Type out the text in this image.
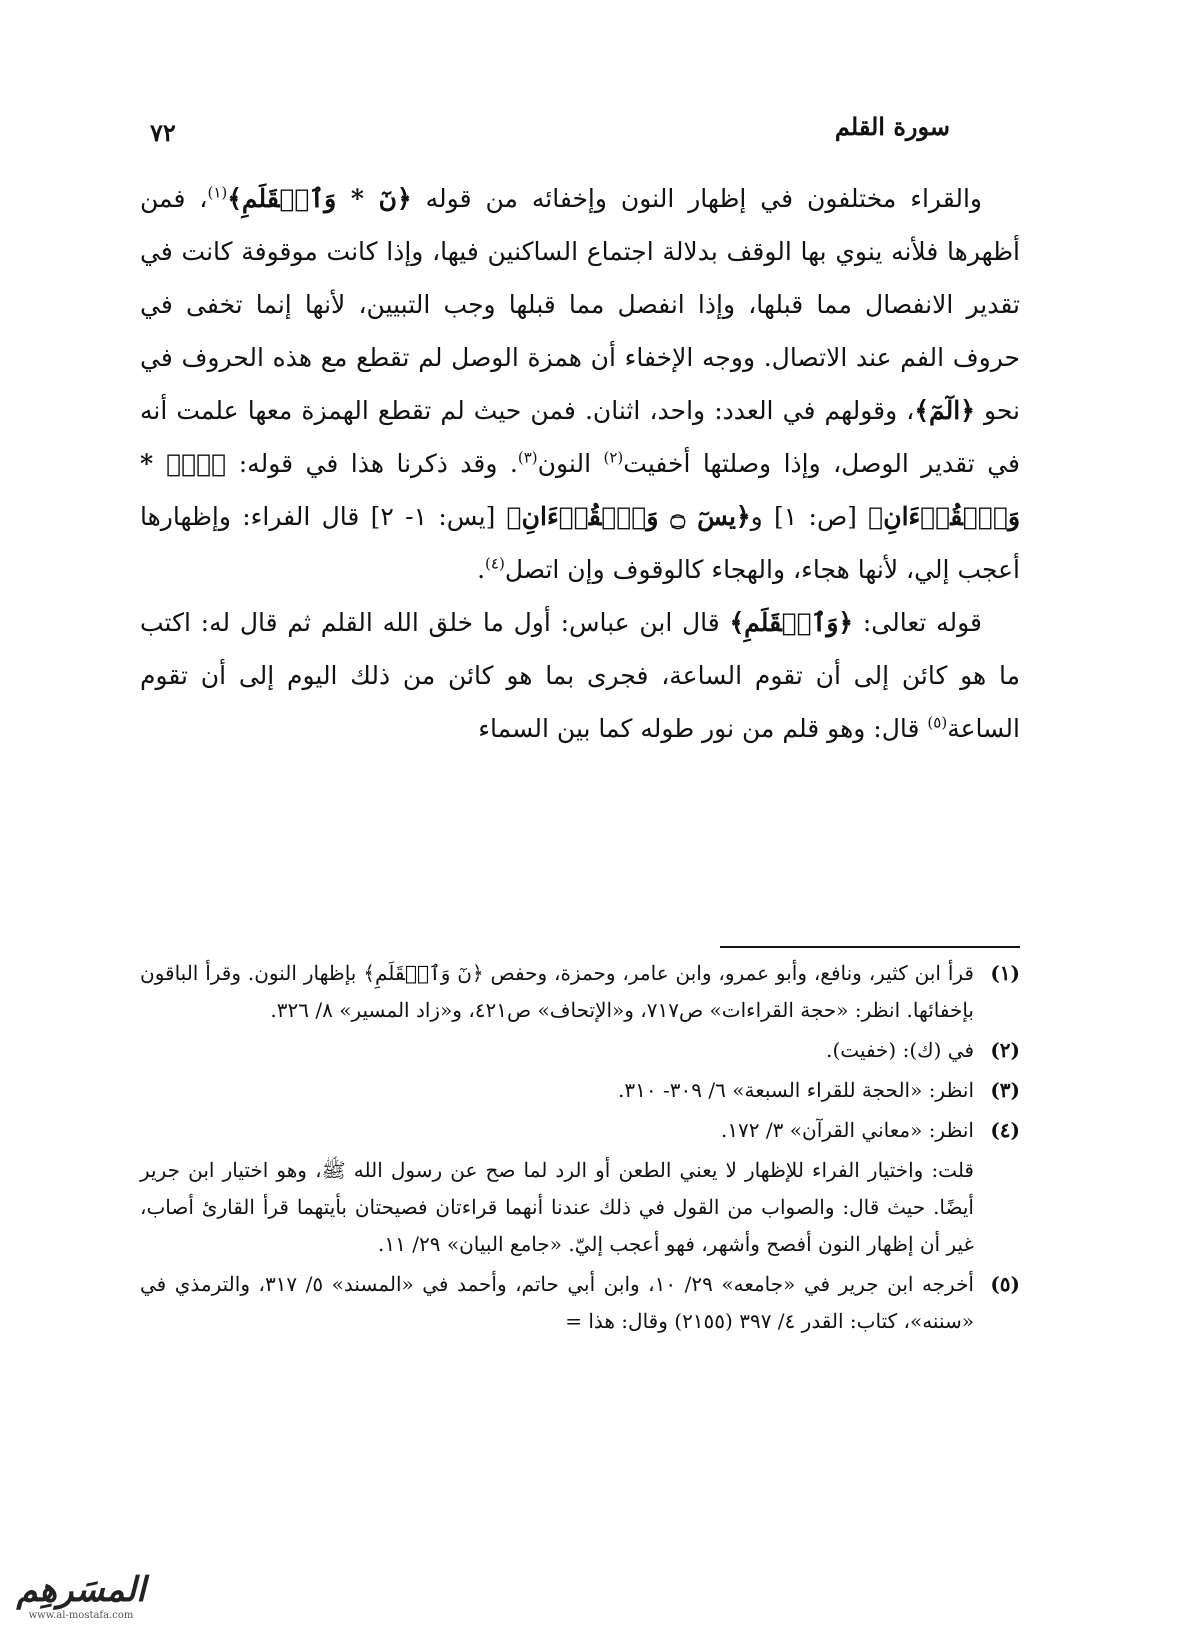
سورة القلم
٧٢

والقراء مختلفون في إظهار النون وإخفائه من قوله ﴿نٓ * وَٱلۡقَلَمِ﴾$^{(١)}$، فمن أظهرها فلأنه ينوي بها الوقف بدلالة اجتماع الساكنين فيها، وإذا كانت موقوفة كانت في تقدير الانفصال مما قبلها، وإذا انفصل مما قبلها وجب التبيين، لأنها إنما تخفى في حروف الفم عند الاتصال. ووجه الإخفاء أن همزة الوصل لم تقطع مع هذه الحروف في نحو ﴿الٓمٓ﴾، وقولهم في العدد: واحد، اثنان. فمن حيث لم تقطع الهمزة معها علمت أنه في تقدير الوصل، وإذا وصلتها أخفيت$^{(٢)}$ النون$^{(٣)}$. وقد ذكرنا هذا في قوله: ﴿صٓۚ * وَٱلۡقُرۡءَانِ﴾ [ص: ١] و﴿يسٓ ۝ وَٱلۡقُرۡءَانِ﴾ [يس: ١- ٢] قال الفراء: وإظهارها أعجب إلي، لأنها هجاء، والهجاء كالوقوف وإن اتصل$^{(٤)}$.

قوله تعالى: ﴿وَٱلۡقَلَمِ﴾ قال ابن عباس: أول ما خلق الله القلم ثم قال له: اكتب ما هو كائن إلى أن تقوم الساعة، فجرى بما هو كائن من ذلك اليوم إلى أن تقوم الساعة$^{(٥)}$ قال: وهو قلم من نور طوله كما بين السماء

(١)
قرأ ابن كثير، ونافع، وأبو عمرو، وابن عامر، وحمزة، وحفص ﴿نٓ وَٱلۡقَلَمِ﴾ بإظهار النون. وقرأ الباقون بإخفائها. انظر: «حجة القراءات» ص٧١٧، و«الإتحاف» ص٤٢١، و«زاد المسير» ٨/ ٣٢٦.
(٢)
في (ك): (خفيت).
(٣)
انظر: «الحجة للقراء السبعة» ٦/ ٣٠٩- ٣١٠.
(٤)
انظر: «معاني القرآن» ٣/ ١٧٢.
قلت: واختيار الفراء للإظهار لا يعني الطعن أو الرد لما صح عن رسول الله ﷺ، وهو اختيار ابن جرير أيضًا. حيث قال: والصواب من القول في ذلك عندنا أنهما قراءتان فصيحتان بأيتهما قرأ القارئ أصاب، غير أن إظهار النون أفصح وأشهر، فهو أعجب إليّ. «جامع البيان» ٢٩/ ١١.
(٥)
أخرجه ابن جرير في «جامعه» ٢٩/ ١٠، وابن أبي حاتم، وأحمد في «المسند» ٥/ ٣١٧، والترمذي في «سننه»، كتاب: القدر ٤/ ٣٩٧ (٢١٥٥) وقال: هذا =
المسَرهِم
www.al-mostafa.com
